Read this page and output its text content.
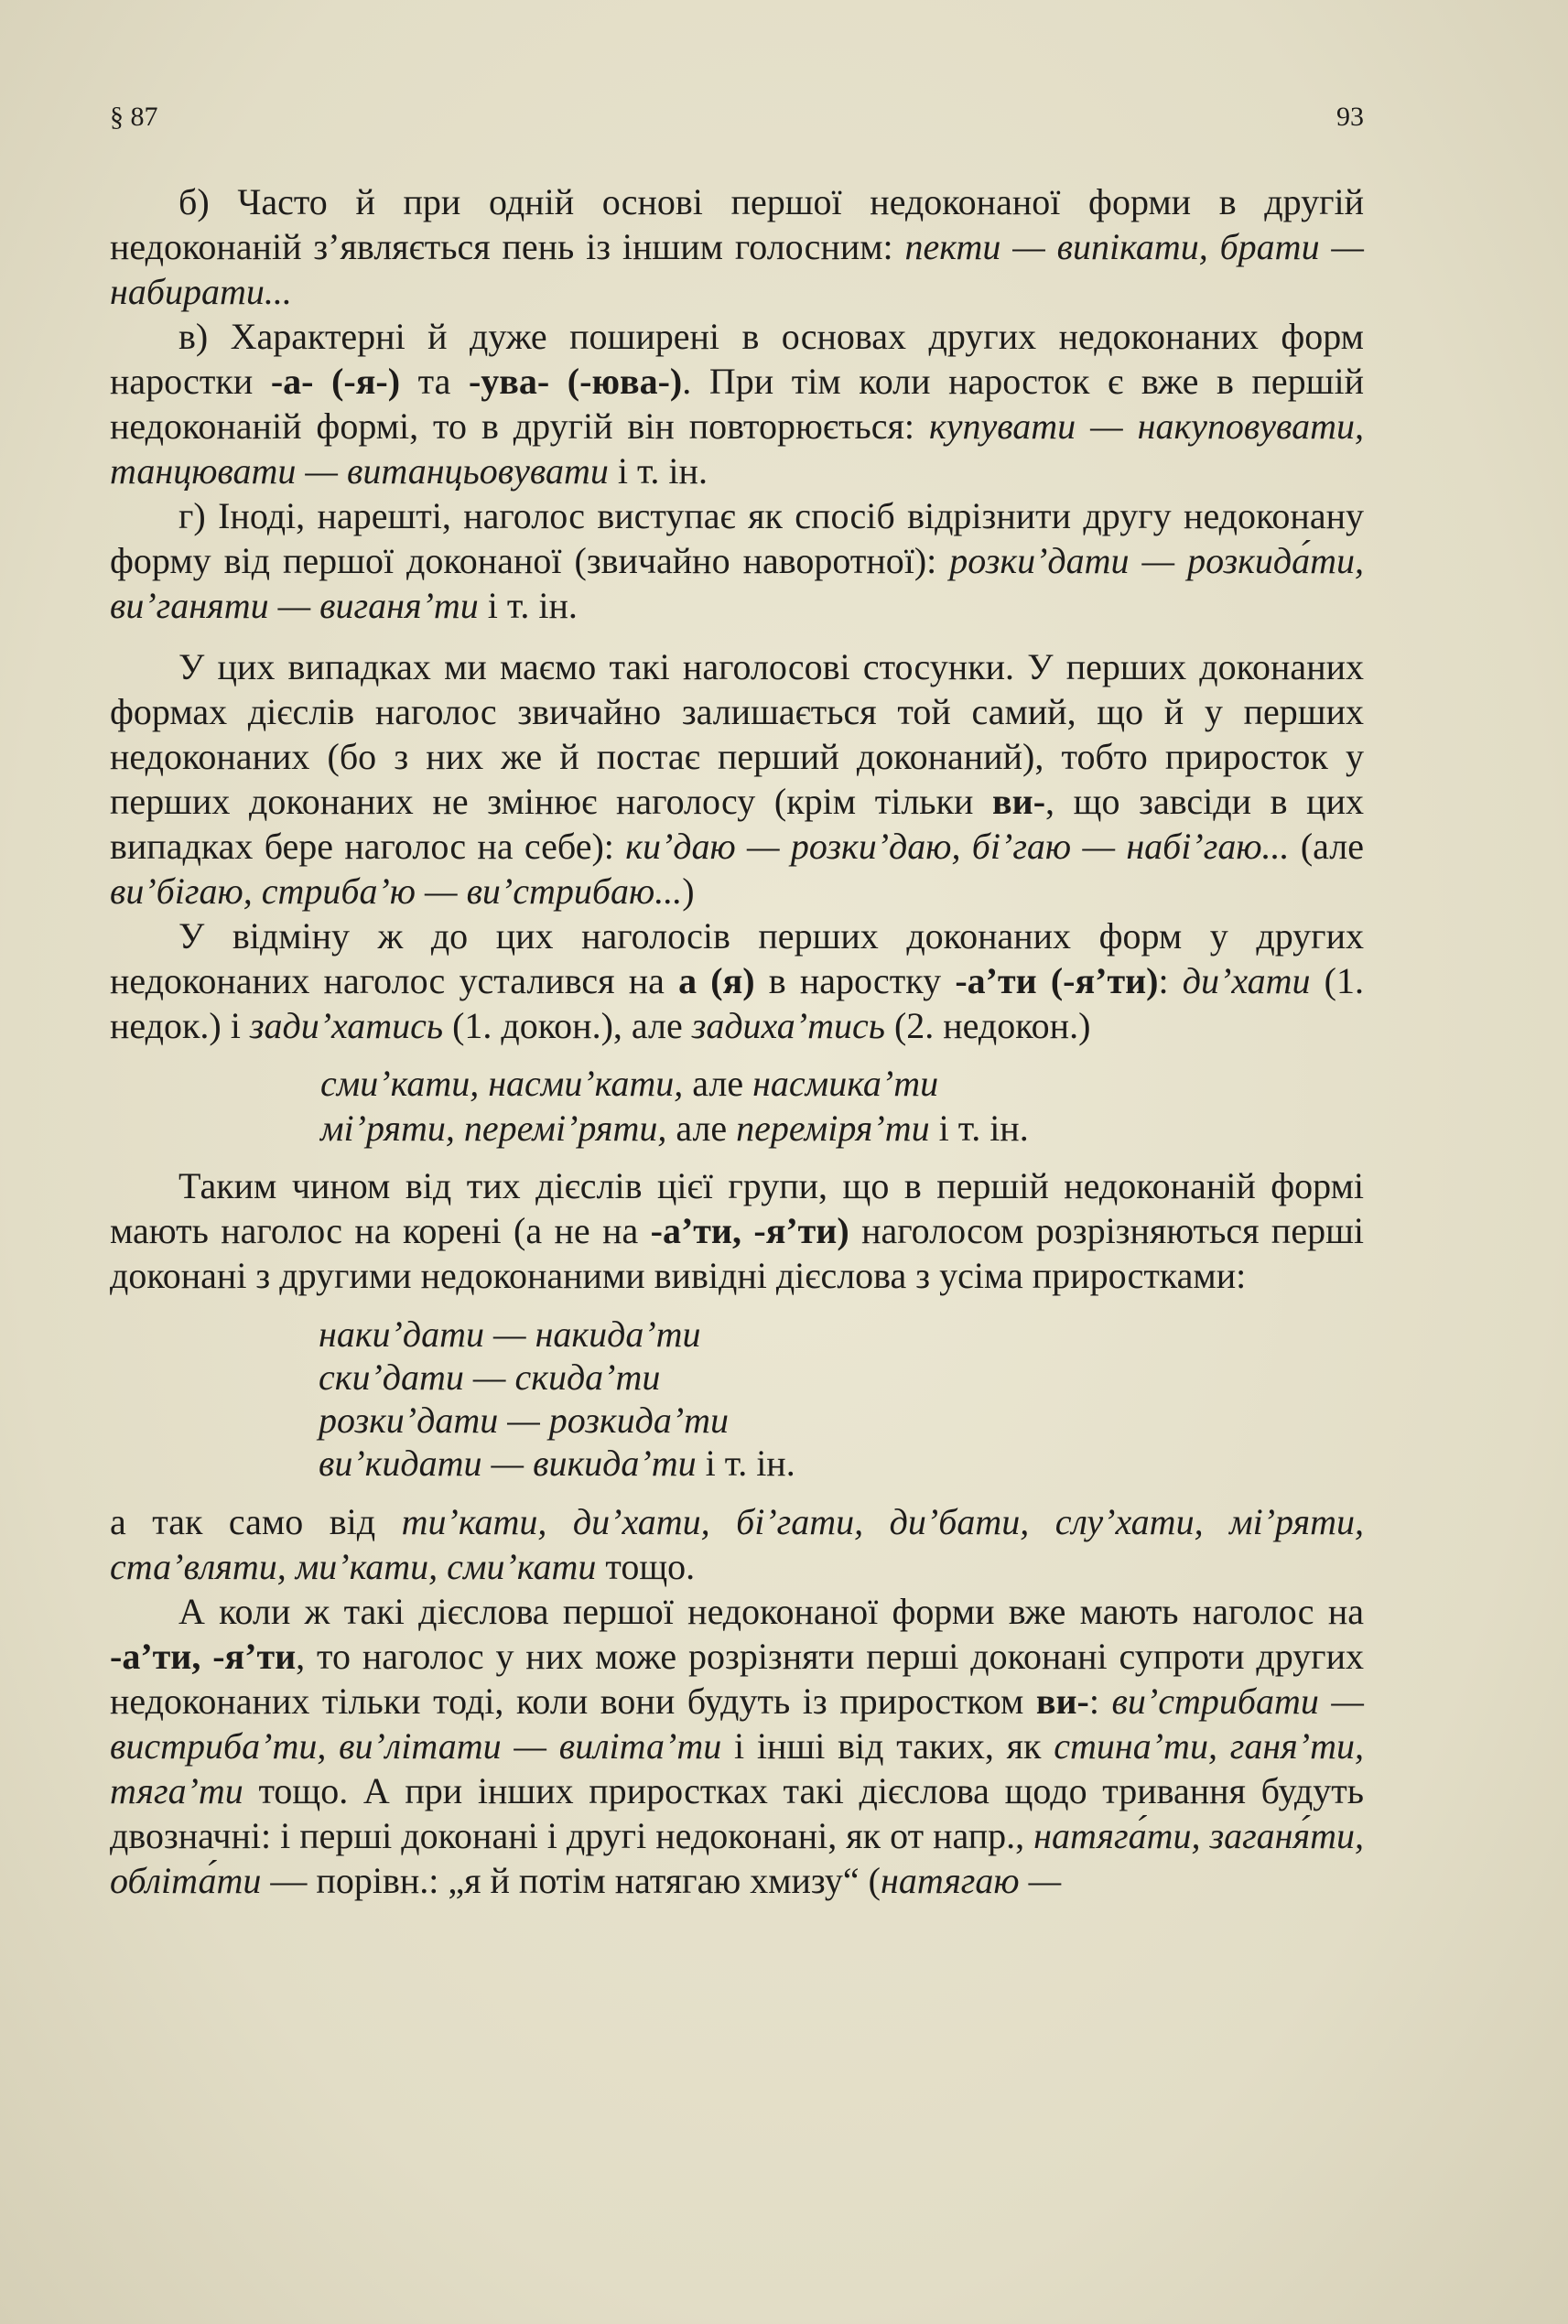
§ 87	93

б) Часто й при одній основі першої недоконаної форми в другій недоконаній з’являється пень із іншим голосним: пекти — випікати, брати — набирати...

в) Характерні й дуже поширені в основах других недоконаних форм наростки -а- (-я-) та -ува- (-юва-). При тім коли наросток є вже в першій недоконаній формі, то в другій він повторюється: купувати — накуповувати, танцювати — витанцьовувати і т. ін.

г) Іноді, нарешті, наголос виступає як спосіб відрізнити другу недоконану форму від першої доконаної (звичайно наворотної): розки’дати — розкида́ти, ви’ганяти — виганя’ти і т. ін.

У цих випадках ми маємо такі наголосові стосунки. У перших доконаних формах дієслів наголос звичайно залишається той самий, що й у перших недоконаних (бо з них же й постає перший доконаний), тобто приросток у перших доконаних не змінює наголосу (крім тільки ви-, що завсіди в цих випадках бере наголос на себе): ки’даю — розки’даю, бі’гаю — набі’гаю... (але ви’бігаю, стриба’ю — ви’стрибаю...)

У відміну ж до цих наголосів перших доконаних форм у других недоконаних наголос усталився на а (я) в наростку -а’ти (-я’ти): ди’хати (1. недок.) і зади’хатись (1. докон.), але задиха’тись (2. недокон.)

сми’кати, насми’кати, але насмика’ти
мі’ряти, перемі’ряти, але переміря’ти і т. ін.

Таким чином від тих дієслів цієї групи, що в першій недоконаній формі мають наголос на корені (а не на -а’ти, -я’ти) наголосом розрізняються перші доконані з другими недоконаними вивідні дієслова з усіма приростками:

наки’дати — накида’ти
ски’дати — скида’ти
розки’дати — розкида’ти
ви’кидати — викида’ти і т. ін.

а так само від ти’кати, ди’хати, бі’гати, ди’бати, слу’хати, мі’ряти, ста’вляти, ми’кати, сми’кати тощо.

А коли ж такі дієслова першої недоконаної форми вже мають наголос на -а’ти, -я’ти, то наголос у них може розрізняти перші доконані супроти других недоконаних тільки тоді, коли вони будуть із приростком ви-: ви’стрибати — вистриба’ти, ви’літати — виліта’ти і інші від таких, як стина’ти, ганя’ти, тяга’ти тощо. А при інших приростках такі дієслова щодо тривання будуть двозначні: і перші доконані і другі недоконані, як от напр., натяга́ти, заганя́ти, обліта́ти — порівн.: „я й потім натягаю хмизу“ (натягаю —
